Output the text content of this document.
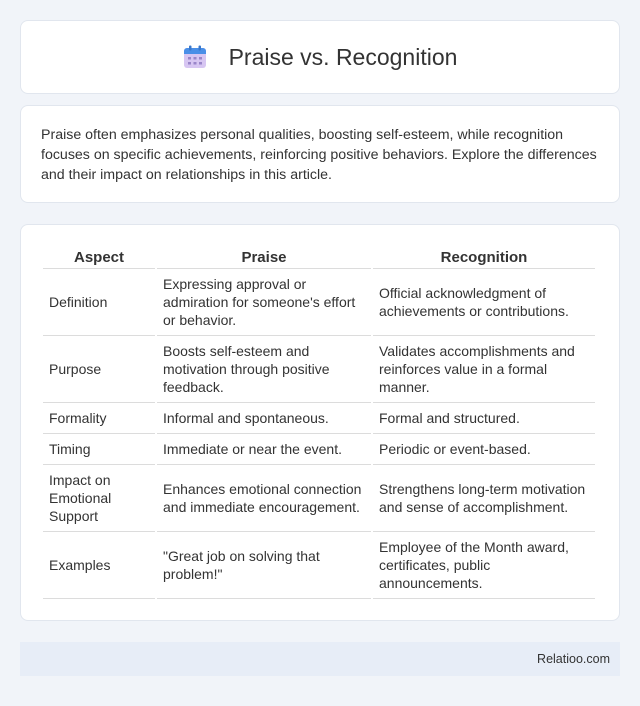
Praise vs. Recognition

Praise often emphasizes personal qualities, boosting self-esteem, while recognition focuses on specific achievements, reinforcing positive behaviors. Explore the differences and their impact on relationships in this article.

Aspect	Praise	Recognition
Definition	Expressing approval or admiration for someone's effort or behavior.	Official acknowledgment of achievements or contributions.
Purpose	Boosts self-esteem and motivation through positive feedback.	Validates accomplishments and reinforces value in a formal manner.
Formality	Informal and spontaneous.	Formal and structured.
Timing	Immediate or near the event.	Periodic or event-based.
Impact on Emotional Support	Enhances emotional connection and immediate encouragement.	Strengthens long-term motivation and sense of accomplishment.
Examples	"Great job on solving that problem!"	Employee of the Month award, certificates, public announcements.
Relatioo.com
